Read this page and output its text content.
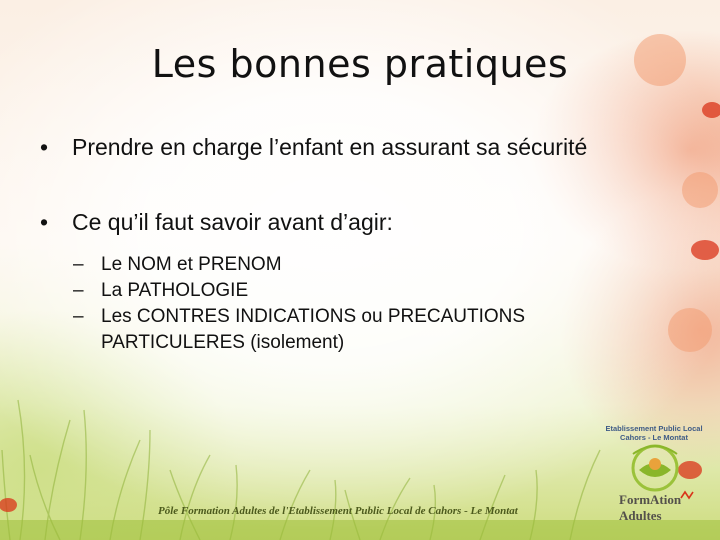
Les bonnes pratiques
• Prendre en charge l’enfant en assurant sa sécurité
• Ce qu’il faut savoir avant d’agir:
– Le NOM et PRENOM
– La PATHOLOGIE
– Les CONTRES INDICATIONS ou PRECAUTIONS PARTICULERES (isolement)
Pôle Formation Adultes de l'Etablissement Public Local de Cahors - Le Montat
Etablissement Public Local
Cahors - Le Montat
FormAtion Adultes
